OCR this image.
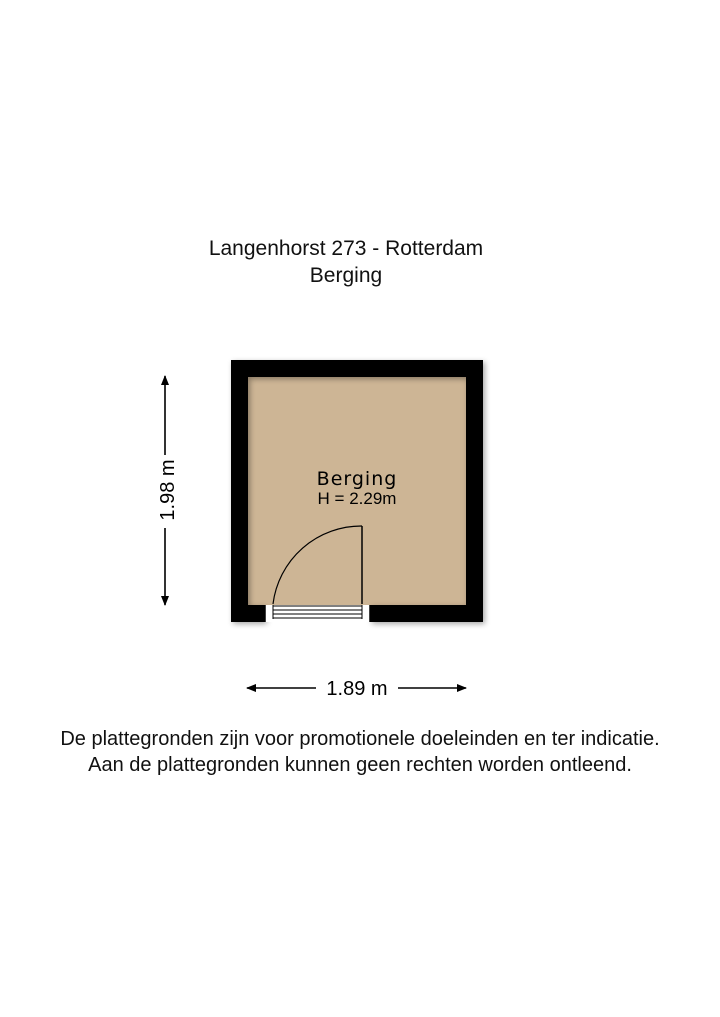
Langenhorst 273 - Rotterdam
Berging
Berging
H = 2.29m
1.98 m
1.89 m
De plattegronden zijn voor promotionele doeleinden en ter indicatie.
Aan de plattegronden kunnen geen rechten worden ontleend.
